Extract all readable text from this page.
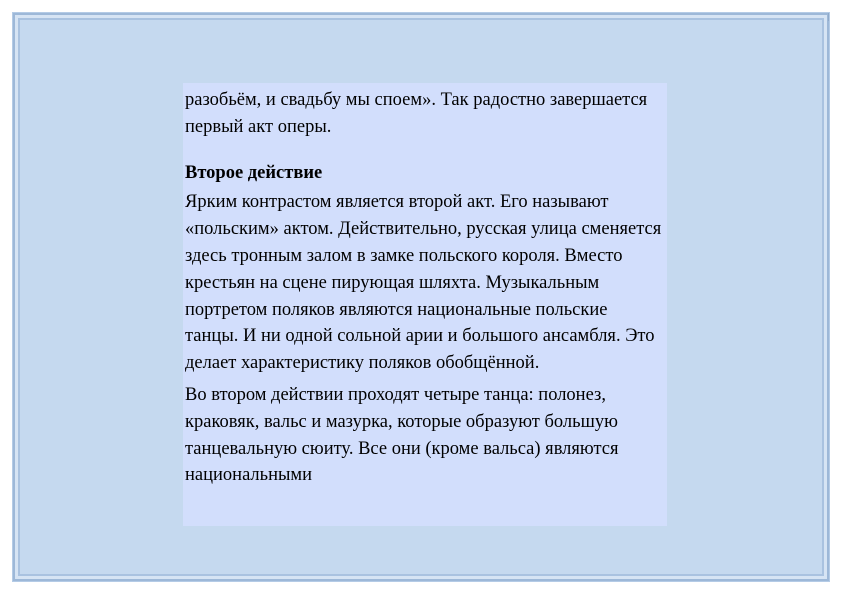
разобьём, и свадьбу мы споем». Так радостно завершается первый акт оперы.

Второе действие

Ярким контрастом является второй акт. Его называют «польским» актом. Действительно, русская улица сменяется здесь тронным залом в замке польского короля. Вместо крестьян на сцене пирующая шляхта. Музыкальным портретом поляков являются национальные польские танцы. И ни одной сольной арии и большого ансамбля. Это делает характеристику поляков обобщённой.

Во втором действии проходят четыре танца: полонез, краковяк, вальс и мазурка, которые образуют большую танцевальную сюиту. Все они (кроме вальса) являются национальными
